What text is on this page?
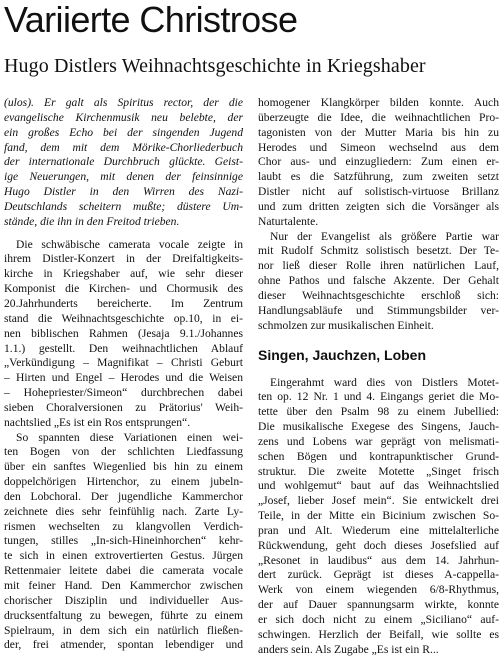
Variierte Christrose
Hugo Distlers Weihnachtsgeschichte in Kriegshaber

(ulos). Er galt als Spiritus rector, der die

evangelische Kirchenmusik neu belebte, der

ein großes Echo bei der singenden Jugend

fand, dem mit dem Mörike-Chorliederbuch

der internationale Durchbruch glückte. Geist-

ige Neuerungen, mit denen der feinsinnige

Hugo Distler in den Wirren des Nazi-

Deutschlands scheitern mußte; düstere Um-

stände, die ihn in den Freitod trieben.

Die schwäbische camerata vocale zeigte in

ihrem Distler-Konzert in der Dreifaltigkeits-

kirche in Kriegshaber auf, wie sehr dieser

Komponist die Kirchen- und Chormusik des

20.Jahrhunderts bereicherte. Im Zentrum

stand die Weihnachtsgeschichte op.10, in ei-

nen biblischen Rahmen (Jesaja 9.1./Johannes

1.1.) gestellt. Den weihnachtlichen Ablauf

„Verkündigung – Magnifikat – Christi Geburt

– Hirten und Engel – Herodes und die Weisen

– Hohepriester/Simeon“ durchbrechen dabei

sieben Choralversionen zu Prätorius' Weih-

nachtslied „Es ist ein Ros entsprungen“.

So spannten diese Variationen einen wei-

ten Bogen von der schlichten Liedfassung

über ein sanftes Wiegenlied bis hin zu einem

doppelchörigen Hirtenchor, zu einem jubeln-

den Lobchoral. Der jugendliche Kammerchor

zeichnete dies sehr feinfühlig nach. Zarte Ly-

rismen wechselten zu klangvollen Verdich-

tungen, stilles „In-sich-Hineinhorchen“ kehr-

te sich in einen extrovertierten Gestus. Jürgen

Rettenmaier leitete dabei die camerata vocale

mit feiner Hand. Den Kammerchor zwischen

chorischer Disziplin und individueller Aus-

drucksentfaltung zu bewegen, führte zu einem

Spielraum, in dem sich ein natürlich fließen-

der, frei atmender, spontan lebendiger und

homogener Klangkörper bilden konnte. Auch

überzeugte die Idee, die weihnachtlichen Pro-

tagonisten von der Mutter Maria bis hin zu

Herodes und Simeon wechselnd aus dem

Chor aus- und einzugliedern: Zum einen er-

laubt es die Satzführung, zum zweiten setzt

Distler nicht auf solistisch-virtuose Brillanz

und zum dritten zeigten sich die Vorsänger als

Naturtalente.

Nur der Evangelist als größere Partie war

mit Rudolf Schmitz solistisch besetzt. Der Te-

nor ließ dieser Rolle ihren natürlichen Lauf,

ohne Pathos und falsche Akzente. Der Gehalt

dieser Weihnachtsgeschichte erschloß sich:

Handlungsabläufe und Stimmungsbilder ver-

schmolzen zur musikalischen Einheit.

Singen, Jauchzen, Loben

Eingerahmt ward dies von Distlers Motet-

ten op. 12 Nr. 1 und 4. Eingangs geriet die Mo-

tette über den Psalm 98 zu einem Jubellied:

Die musikalische Exegese des Singens, Jauch-

zens und Lobens war geprägt von melismati-

schen Bögen und kontrapunktischer Grund-

struktur. Die zweite Motette „Singet frisch

und wohlgemut“ baut auf das Weihnachtslied

„Josef, lieber Josef mein“. Sie entwickelt drei

Teile, in der Mitte ein Bicinium zwischen So-

pran und Alt. Wiederum eine mittelalterliche

Rückwendung, geht doch dieses Josefslied auf

„Resonet in laudibus“ aus dem 14. Jahrhun-

dert zurück. Geprägt ist dieses A-cappella-

Werk von einem wiegenden 6/8-Rhythmus,

der auf Dauer spannungsarm wirkte, konnte

er sich doch nicht zu einem „Siciliano“ auf-

schwingen. Herzlich der Beifall, wie sollte es

anders sein. Als Zugabe „Es ist ein R...
